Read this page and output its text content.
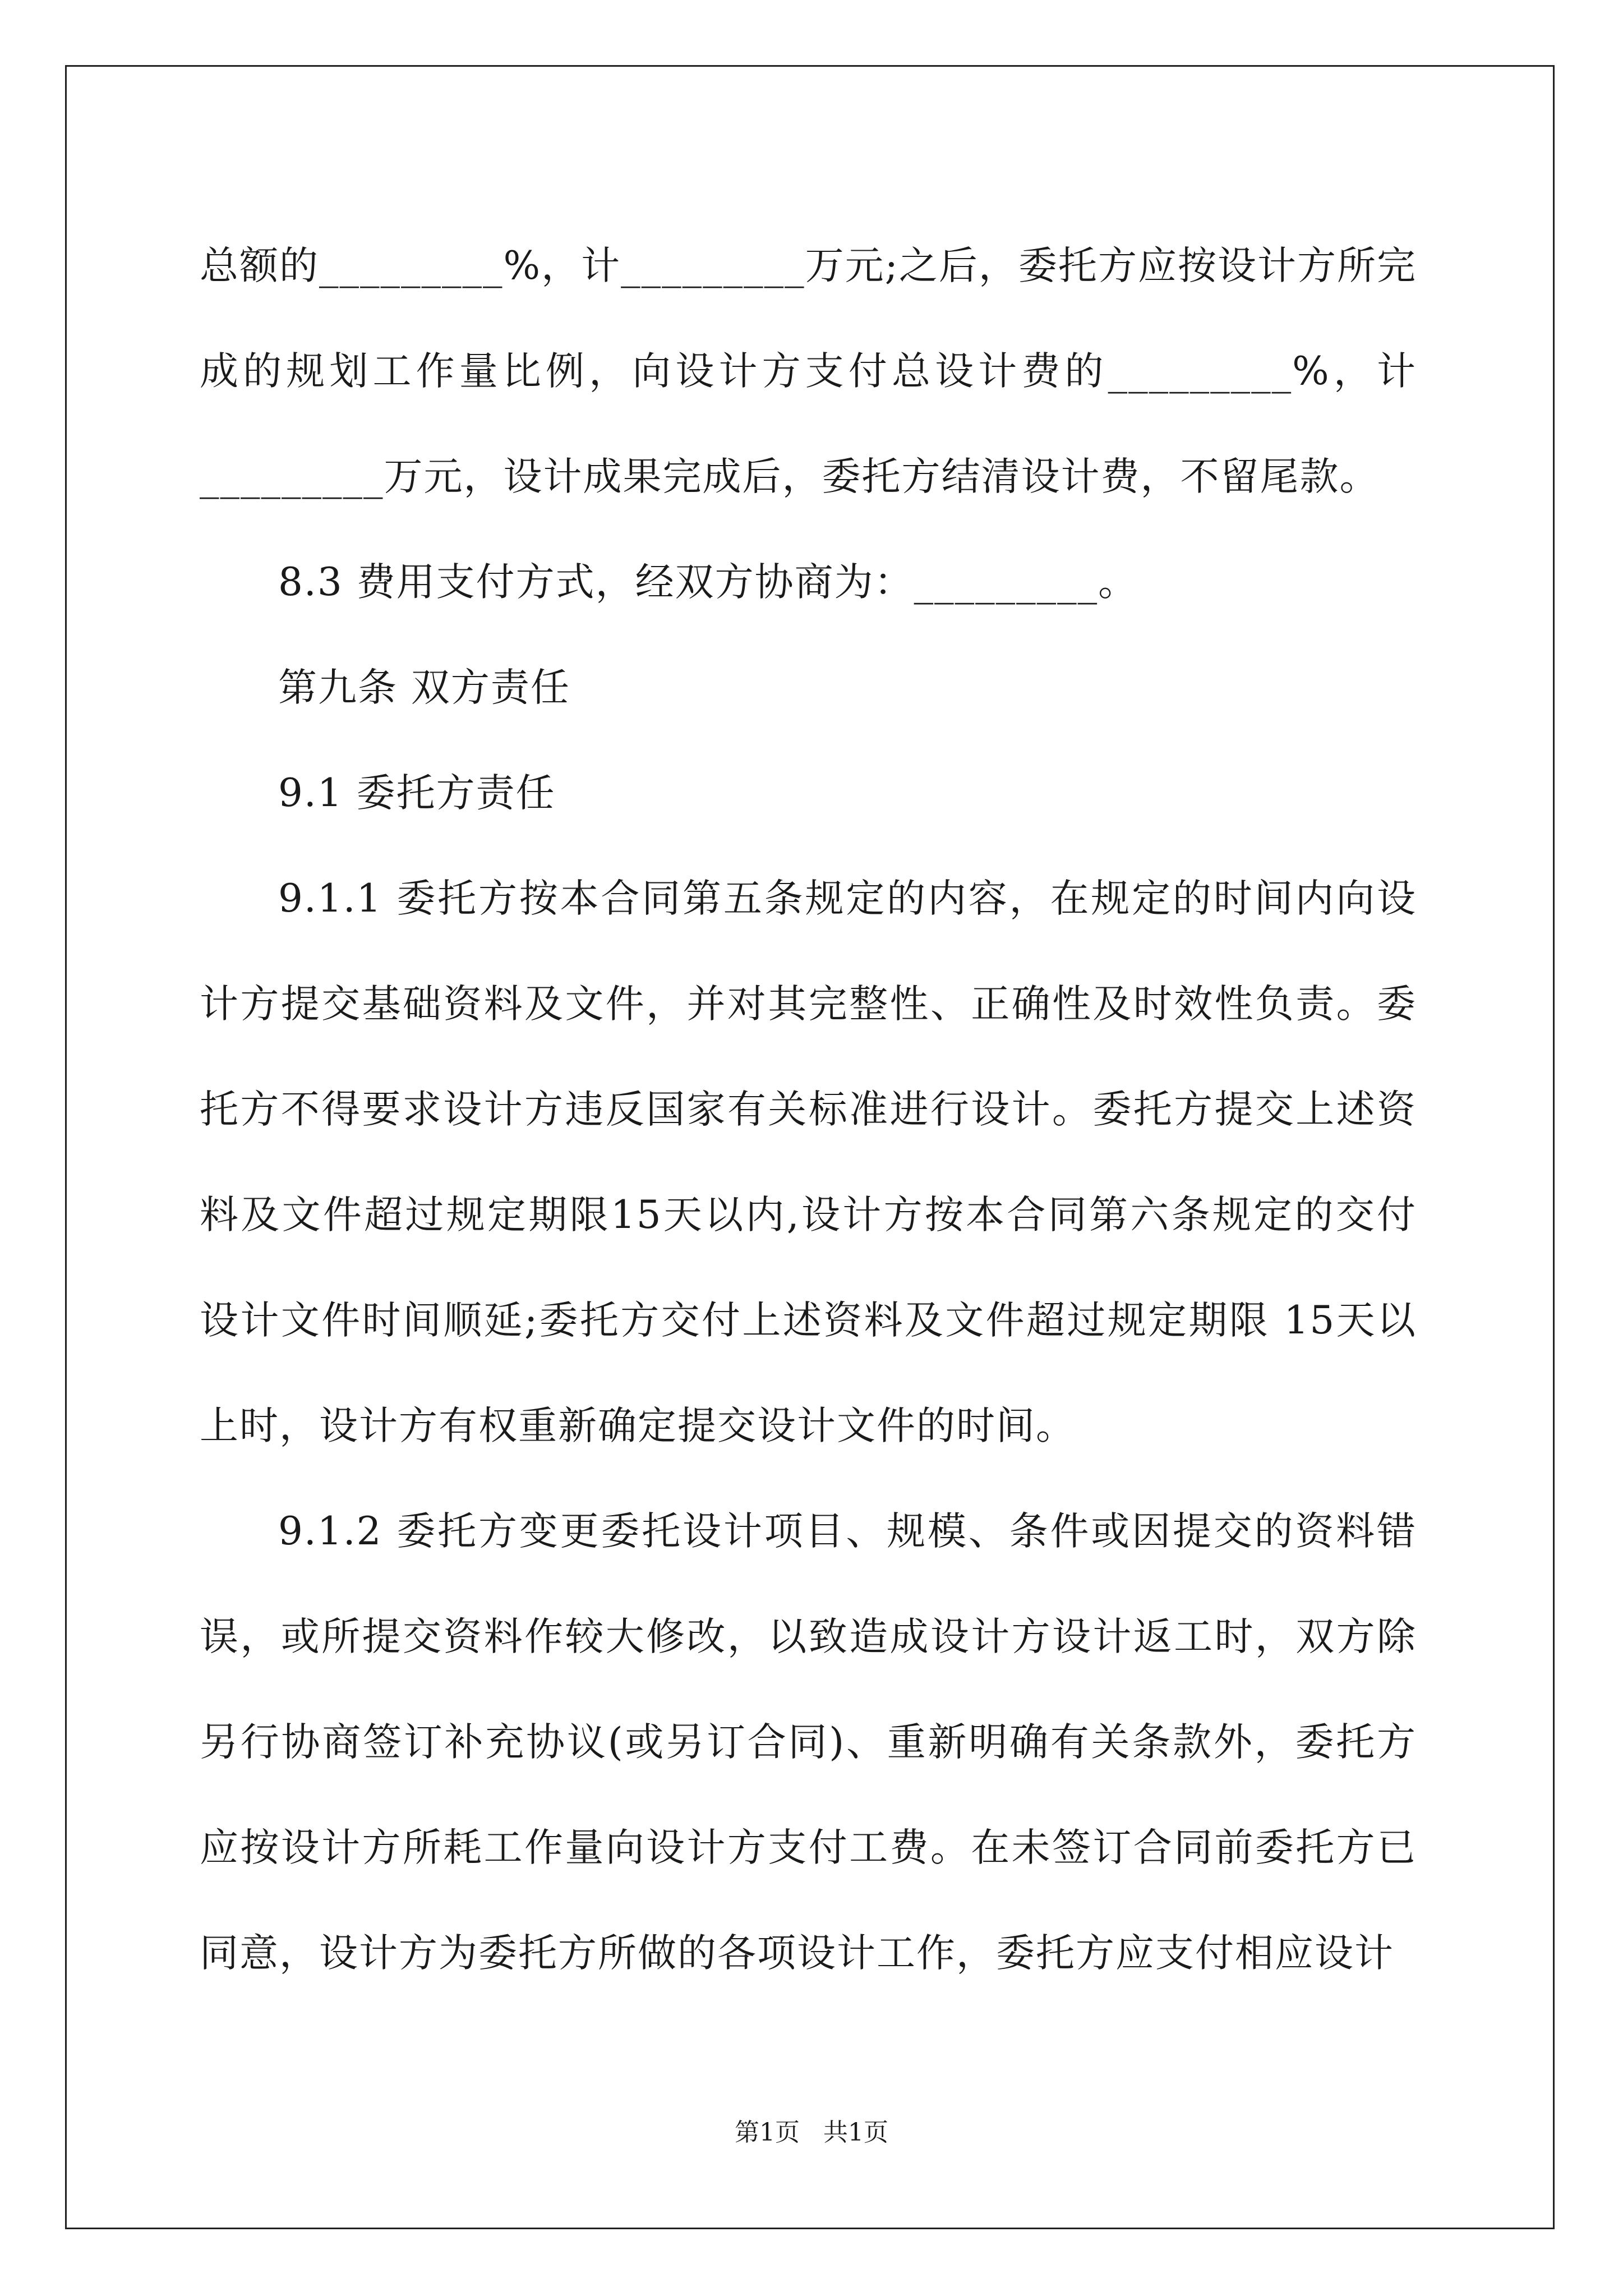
总额的_________%，计_________万元;之后，委托方应按设计方所完成的规划工作量比例，向设计方支付总设计费的_________%，计_________万元，设计成果完成后，委托方结清设计费，不留尾款。

8.3 费用支付方式，经双方协商为：_________。

第九条 双方责任

9.1 委托方责任

9.1.1 委托方按本合同第五条规定的内容，在规定的时间内向设计方提交基础资料及文件，并对其完整性、正确性及时效性负责。委托方不得要求设计方违反国家有关标准进行设计。委托方提交上述资料及文件超过规定期限15天以内,设计方按本合同第六条规定的交付设计文件时间顺延;委托方交付上述资料及文件超过规定期限 15天以上时，设计方有权重新确定提交设计文件的时间。

9.1.2 委托方变更委托设计项目、规模、条件或因提交的资料错误，或所提交资料作较大修改，以致造成设计方设计返工时，双方除另行协商签订补充协议(或另订合同)、重新明确有关条款外，委托方应按设计方所耗工作量向设计方支付工费。在未签订合同前委托方已同意，设计方为委托方所做的各项设计工作，委托方应支付相应设计

第1页 共1页
